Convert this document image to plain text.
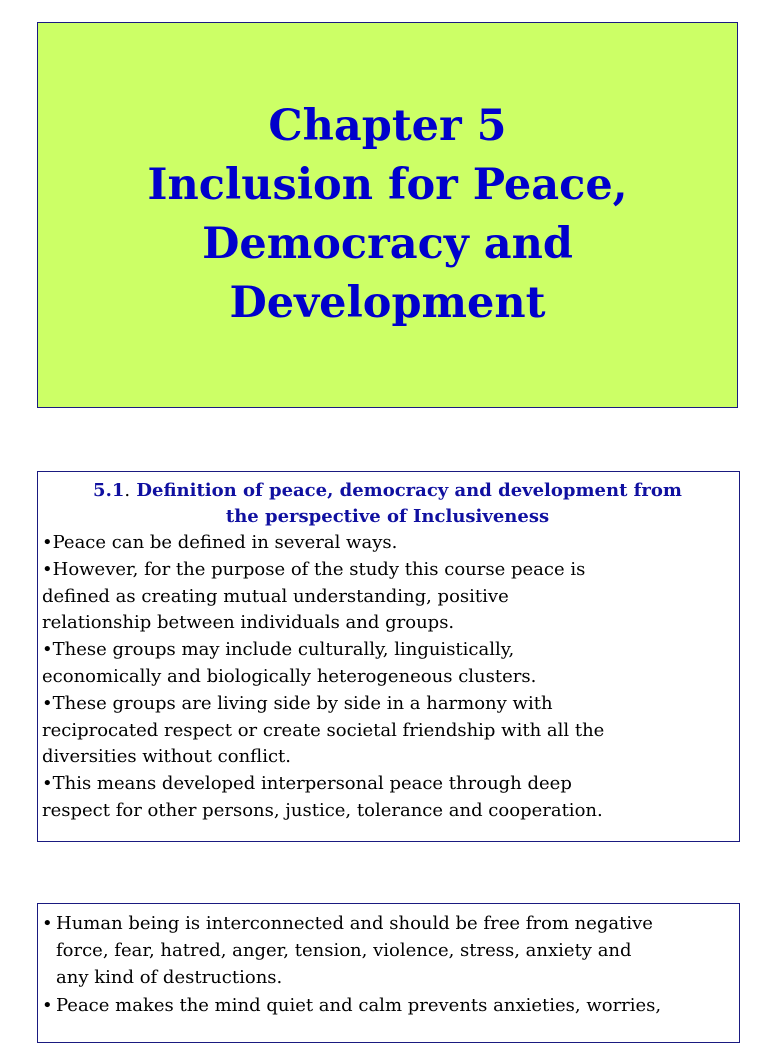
Chapter 5
Inclusion for Peace,
Democracy and
Development
5.1. Definition of peace, democracy and development from
the perspective of Inclusiveness
•Peace can be defined in several ways.
•However, for the purpose of the study this course peace is
defined as creating mutual understanding, positive
relationship between individuals and groups.
•These groups may include culturally, linguistically,
economically and biologically heterogeneous clusters.
•These groups are living side by side in a harmony with
reciprocated respect or create societal friendship with all the
diversities without conflict.
•This means developed interpersonal peace through deep
respect for other persons, justice, tolerance and cooperation.
• Human being is interconnected and should be free from negative
force, fear, hatred, anger, tension, violence, stress, anxiety and
any kind of destructions.
• Peace makes the mind quiet and calm prevents anxieties, worries,
